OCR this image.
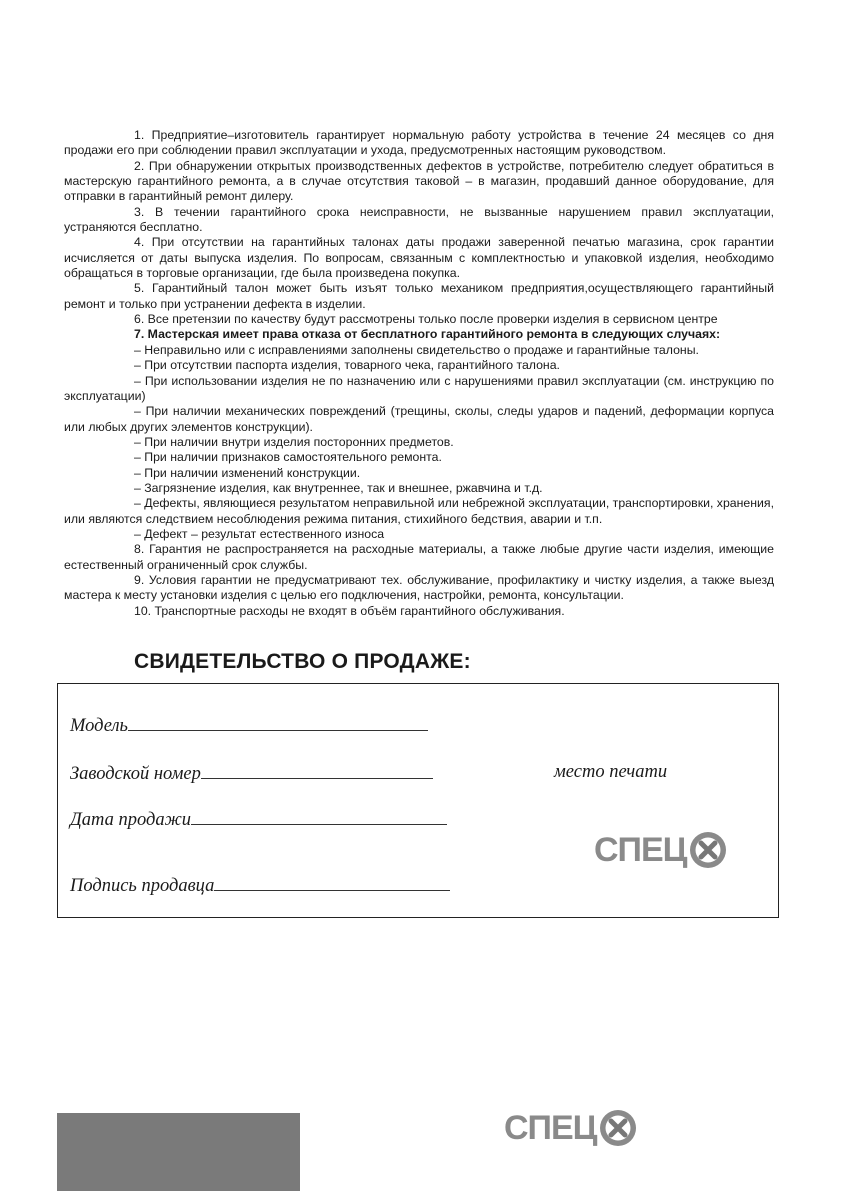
1. Предприятие–изготовитель гарантирует нормальную работу устройства в течение 24 месяцев со дня продажи его при соблюдении правил эксплуатации и ухода, предусмотренных настоящим руководством.

2. При обнаружении открытых производственных дефектов в устройстве, потребителю следует обратиться в мастерскую гарантийного ремонта, а в случае отсутствия таковой – в магазин, продавший данное оборудование, для отправки в гарантийный ремонт дилеру.

3. В течении гарантийного срока неисправности, не вызванные нарушением правил эксплуатации, устраняются бесплатно.

4. При отсутствии на гарантийных талонах даты продажи заверенной печатью магазина, срок гарантии исчисляется от даты выпуска изделия. По вопросам, связанным с комплектностью и упаковкой изделия, необходимо обращаться в торговые организации, где была произведена покупка.

5. Гарантийный талон может быть изъят только механиком предприятия,осуществляющего гарантийный ремонт и только при устранении дефекта в изделии.

6. Все претензии по качеству будут рассмотрены только после проверки изделия в сервисном центре

7. Мастерская имеет права отказа от бесплатного гарантийного ремонта в следующих случаях:

– Неправильно или с исправлениями заполнены свидетельство о продаже и гарантийные талоны.

– При отсутствии паспорта изделия, товарного чека, гарантийного талона.

– При использовании изделия не по назначению или с нарушениями правил эксплуатации (см. инструкцию по эксплуатации)

– При наличии механических повреждений (трещины, сколы, следы ударов и падений, деформации корпуса или любых других элементов конструкции).

– При наличии внутри изделия посторонних предметов.

– При наличии признаков самостоятельного ремонта.

– При наличии изменений конструкции.

– Загрязнение изделия, как внутреннее, так и внешнее, ржавчина и т.д.

– Дефекты, являющиеся результатом неправильной или небрежной эксплуатации, транспортировки, хранения, или являются следствием несоблюдения режима питания, стихийного бедствия, аварии и т.п.

– Дефект – результат естественного износа

8. Гарантия не распространяется на расходные материалы, а также любые другие части изделия, имеющие естественный ограниченный срок службы.

9. Условия гарантии не предусматривают тех. обслуживание, профилактику и чистку изделия, а также выезд мастера к месту установки изделия с целью его подключения, настройки, ремонта, консультации.

10. Транспортные расходы не входят в объём гарантийного обслуживания.

СВИДЕТЕЛЬСТВО О ПРОДАЖЕ:
Модель
Заводской номер	место печати
Дата продажи
Подпись продавца
СПЕЦ
СПЕЦ
